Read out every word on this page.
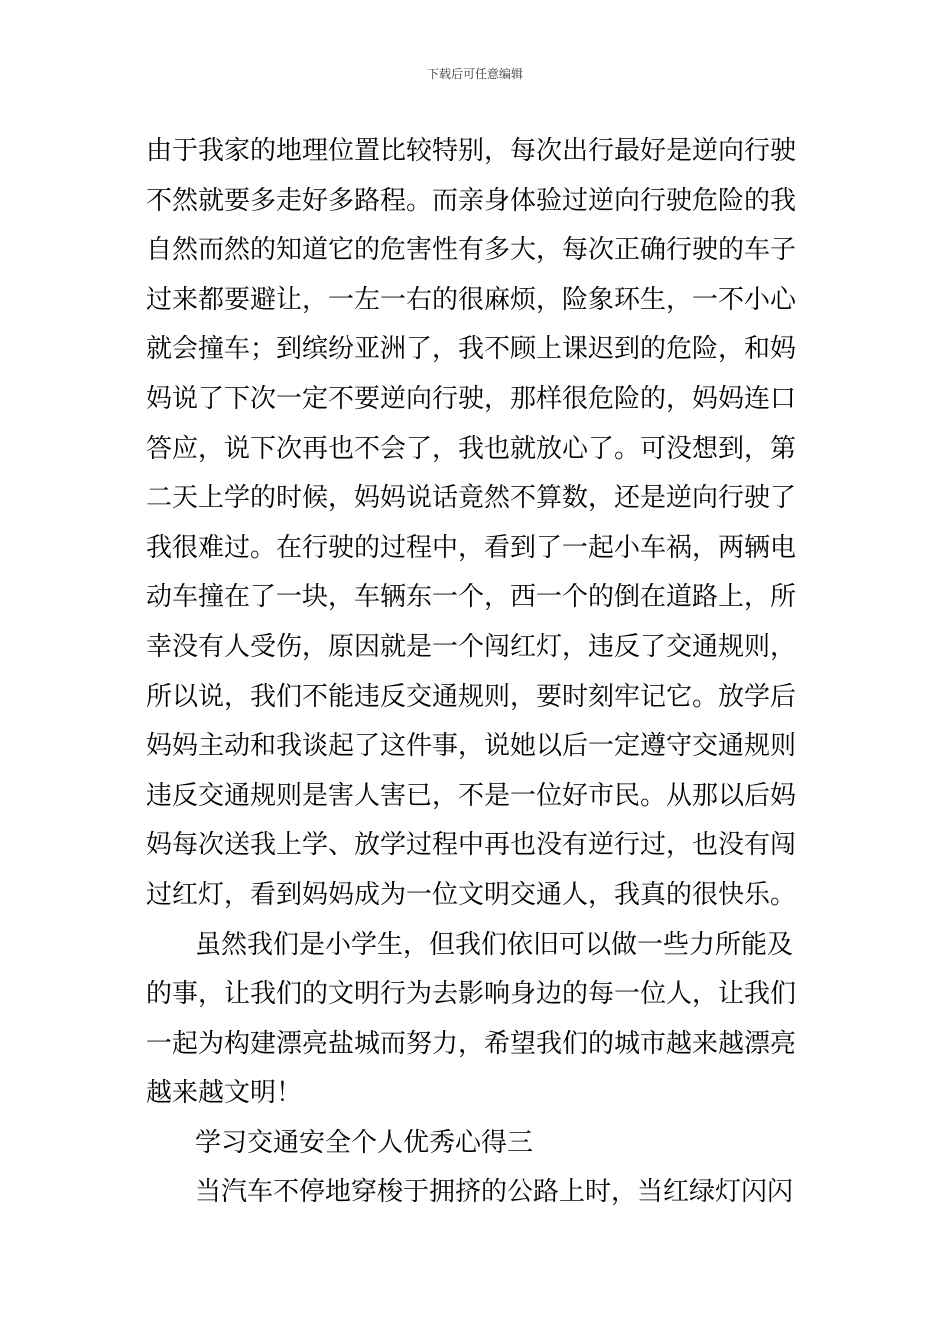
下载后可任意编辑
由于我家的地理位置比较特别，每次出行最好是逆向行驶
不然就要多走好多路程。而亲身体验过逆向行驶危险的我
自然而然的知道它的危害性有多大，每次正确行驶的车子
过来都要避让，一左一右的很麻烦，险象环生，一不小心
就会撞车；到缤纷亚洲了，我不顾上课迟到的危险，和妈
妈说了下次一定不要逆向行驶，那样很危险的，妈妈连口
答应，说下次再也不会了，我也就放心了。可没想到，第
二天上学的时候，妈妈说话竟然不算数，还是逆向行驶了
我很难过。在行驶的过程中，看到了一起小车祸，两辆电
动车撞在了一块，车辆东一个，西一个的倒在道路上，所
幸没有人受伤，原因就是一个闯红灯，违反了交通规则，
所以说，我们不能违反交通规则，要时刻牢记它。放学后
妈妈主动和我谈起了这件事，说她以后一定遵守交通规则
违反交通规则是害人害已，不是一位好市民。从那以后妈
妈每次送我上学、放学过程中再也没有逆行过，也没有闯
过红灯，看到妈妈成为一位文明交通人，我真的很快乐。
虽然我们是小学生，但我们依旧可以做一些力所能及
的事，让我们的文明行为去影响身边的每一位人，让我们
一起为构建漂亮盐城而努力，希望我们的城市越来越漂亮
越来越文明！
学习交通安全个人优秀心得三
当汽车不停地穿梭于拥挤的公路上时，当红绿灯闪闪
